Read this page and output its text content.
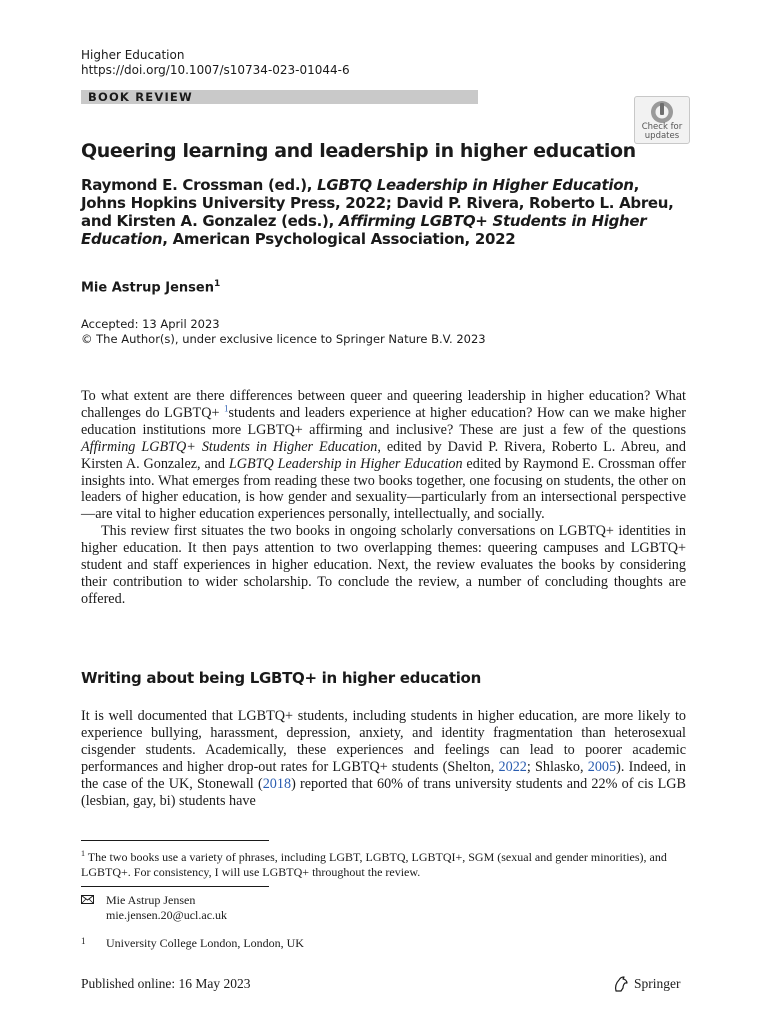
Higher Education
https://doi.org/10.1007/s10734-023-01044-6
BOOK REVIEW
Check for
updates
Queering learning and leadership in higher education
Raymond E. Crossman (ed.), LGBTQ Leadership in Higher Education, Johns Hopkins University Press, 2022; David P. Rivera, Roberto L. Abreu, and Kirsten A. Gonzalez (eds.), Affirming LGBTQ+ Students in Higher Education, American Psychological Association, 2022
Mie Astrup Jensen$^1$
Accepted: 13 April 2023
© The Author(s), under exclusive licence to Springer Nature B.V. 2023

To what extent are there differences between queer and queering leadership in higher education? What challenges do LGBTQ+ $^1$students and leaders experience at higher education? How can we make higher education institutions more LGBTQ+ affirming and inclusive? These are just a few of the questions Affirming LGBTQ+ Students in Higher Education, edited by David P. Rivera, Roberto L. Abreu, and Kirsten A. Gonzalez, and LGBTQ Leadership in Higher Education edited by Raymond E. Crossman offer insights into. What emerges from reading these two books together, one focusing on students, the other on leaders of higher education, is how gender and sexuality—particularly from an intersectional perspective—are vital to higher education experiences personally, intellectually, and socially.

This review first situates the two books in ongoing scholarly conversations on LGBTQ+ identities in higher education. It then pays attention to two overlapping themes: queering campuses and LGBTQ+ student and staff experiences in higher education. Next, the review evaluates the books by considering their contribution to wider scholarship. To conclude the review, a number of concluding thoughts are offered.

Writing about being LGBTQ+ in higher education

It is well documented that LGBTQ+ students, including students in higher education, are more likely to experience bullying, harassment, depression, anxiety, and identity fragmentation than heterosexual cisgender students. Academically, these experiences and feelings can lead to poorer academic performances and higher drop-out rates for LGBTQ+ students (Shelton, 2022; Shlasko, 2005). Indeed, in the case of the UK, Stonewall (2018) reported that 60% of trans university students and 22% of cis LGB (lesbian, gay, bi) students have

$^1$ The two books use a variety of phrases, including LGBT, LGBTQ, LGBTQI+, SGM (sexual and gender minorities), and LGBTQ+. For consistency, I will use LGBTQ+ throughout the review.
Mie Astrup Jensen
mie.jensen.20@ucl.ac.uk
1 University College London, London, UK
Published online: 16 May 2023	Springer
